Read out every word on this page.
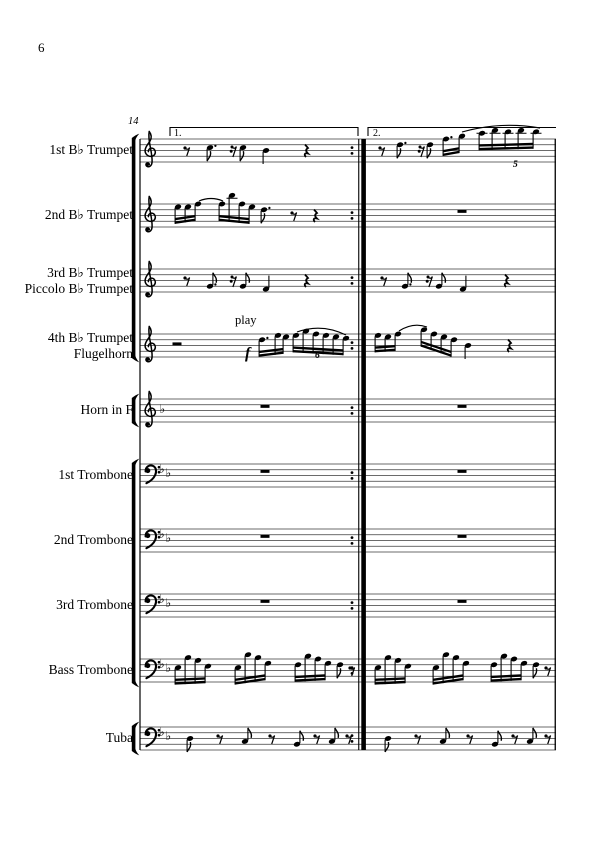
♭
♭ ♭
♭ ♭
♭ ♭
♭ ♭
♭ ♭
1st B♭ Trumpet
2nd B♭ Trumpet
3rd B♭ Trumpet
Piccolo B♭ Trumpet
4th B♭ Trumpet
Flugelhorn
Horn in F
1st Trombone
2nd Trombone
3rd Trombone
Bass Trombone
Tuba
6
14
1.	2.
play
f	6
5
